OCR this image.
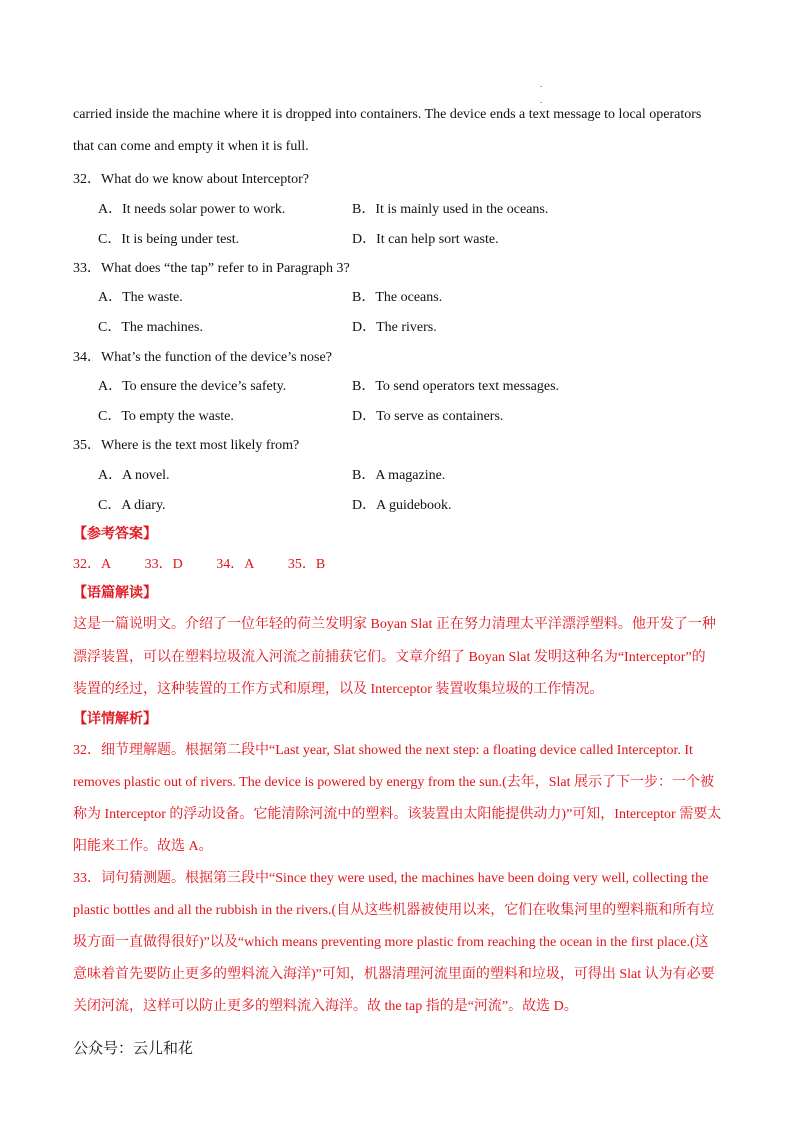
.
.
carried inside the machine where it is dropped into containers. The device ends a text message to local operators
that can come and empty it when it is full.
32．What do we know about Interceptor?
A．It needs solar power to work.	B．It is mainly used in the oceans.
C．It is being under test.	D．It can help sort waste.
33．What does “the tap” refer to in Paragraph 3?
A．The waste.	B．The oceans.
C．The machines.	D．The rivers.
34．What’s the function of the device’s nose?
A．To ensure the device’s safety.	B．To send operators text messages.
C．To empty the waste.	D．To serve as containers.
35．Where is the text most likely from?
A．A novel.	B．A magazine.
C．A diary.	D．A guidebook.
【参考答案】
32．A 33．D 34．A 35．B
【语篇解读】
这是一篇说明文。介绍了一位年轻的荷兰发明家 Boyan Slat 正在努力清理太平洋漂浮塑料。他开发了一种
漂浮装置，可以在塑料垃圾流入河流之前捕获它们。文章介绍了 Boyan Slat 发明这种名为“Interceptor”的
装置的经过，这种装置的工作方式和原理，以及 Interceptor 装置收集垃圾的工作情况。
【详情解析】
32．细节理解题。根据第二段中“Last year, Slat showed the next step: a floating device called Interceptor. It
removes plastic out of rivers. The device is powered by energy from the sun.(去年，Slat 展示了下一步：一个被
称为 Interceptor 的浮动设备。它能清除河流中的塑料。该装置由太阳能提供动力)”可知，Interceptor 需要太
阳能来工作。故选 A。
33．词句猜测题。根据第三段中“Since they were used, the machines have been doing very well, collecting the
plastic bottles and all the rubbish in the rivers.(自从这些机器被使用以来，它们在收集河里的塑料瓶和所有垃
圾方面一直做得很好)”以及“which means preventing more plastic from reaching the ocean in the first place.(这
意味着首先要防止更多的塑料流入海洋)”可知，机器清理河流里面的塑料和垃圾，可得出 Slat 认为有必要
关闭河流，这样可以防止更多的塑料流入海洋。故 the tap 指的是“河流”。故选 D。
公众号：云儿和花
